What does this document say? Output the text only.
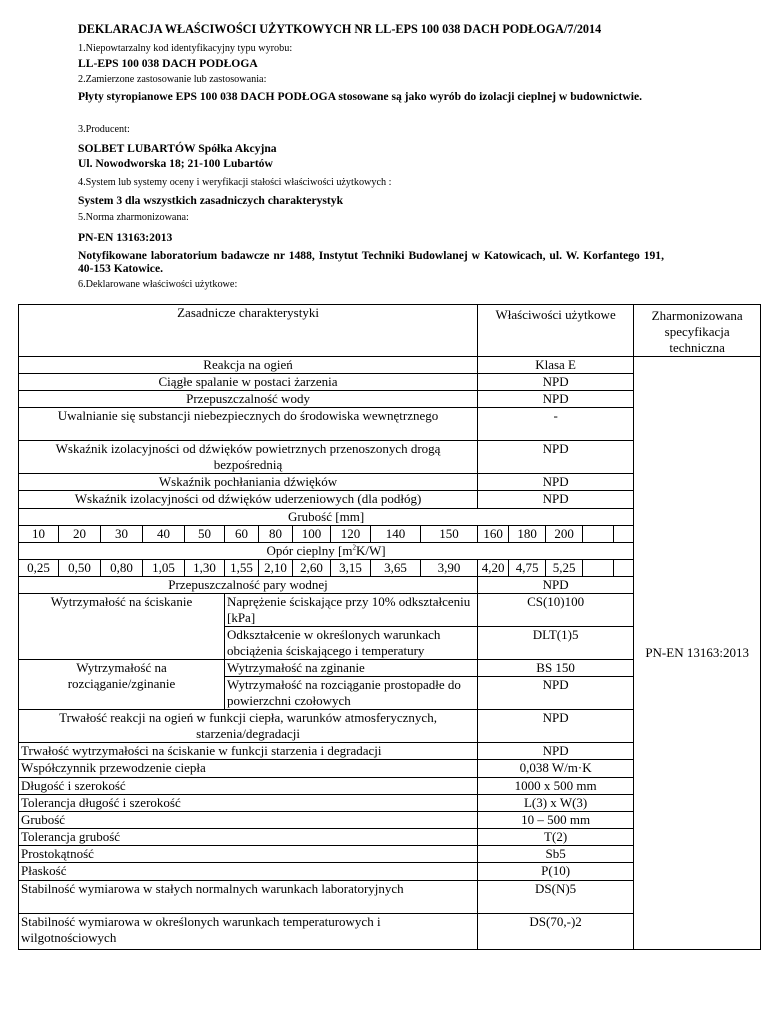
DEKLARACJA WŁAŚCIWOŚCI UŻYTKOWYCH NR LL-EPS 100 038 DACH PODŁOGA/7/2014
1.Niepowtarzalny kod identyfikacyjny typu wyrobu:
LL-EPS 100 038 DACH PODŁOGA
2.Zamierzone zastosowanie lub zastosowania:
Płyty styropianowe EPS 100 038 DACH PODŁOGA stosowane są jako wyrób do izolacji cieplnej w budownictwie.
3.Producent:
SOLBET LUBARTÓW Spółka Akcyjna
Ul. Nowodworska 18; 21-100 Lubartów
4.System lub systemy oceny i weryfikacji stałości właściwości użytkowych :
System 3 dla wszystkich zasadniczych charakterystyk
5.Norma zharmonizowana:
PN-EN 13163:2013
Notyfikowane laboratorium badawcze nr 1488, Instytut Techniki Budowlanej w Katowicach, ul. W. Korfantego 191, 40-153 Katowice.
6.Deklarowane właściwości użytkowe:
Zasadnicze charakterystyki											Właściwości użytkowe					Zharmonizowana specyfikacja techniczna

Reakcja na ogień											Klasa E					PN-EN 13163:2013
Ciągłe spalanie w postaci żarzenia											NPD					
Przepuszczalność wody											NPD					
Uwalnianie się substancji niebezpiecznych do środowiska wewnętrznego											-					
Wskaźnik izolacyjności od dźwięków powietrznych przenoszonych drogą bezpośrednią											NPD					
Wskaźnik pochłaniania dźwięków											NPD					
Wskaźnik izolacyjności od dźwięków uderzeniowych (dla podłóg)											NPD					
Grubość [mm]																
10	20	30	40	50	60	80	100	120	140	150	160	180	200			
Opór cieplny $[m^2K/W]$																
0,25	0,50	0,80	1,05	1,30	1,55	2,10	2,60	3,15	3,65	3,90	4,20	4,75	5,25			
Przepuszczalność pary wodnej											NPD					
Wytrzymałość na ściskanie					Naprężenie ściskające przy 10% odkształceniu [kPa]						CS(10)100					
					Odkształcenie w określonych warunkach obciążenia ściskającego i temperatury						DLT(1)5					
Wytrzymałość na rozciąganie/zginanie					Wytrzymałość na zginanie						BS 150					
					Wytrzymałość na rozciąganie prostopadłe do powierzchni czołowych						NPD					
Trwałość reakcji na ogień w funkcji ciepła, warunków atmosferycznych, starzenia/degradacji											NPD					
Trwałość wytrzymałości na ściskanie w funkcji starzenia i degradacji											NPD					
Współczynnik przewodzenie ciepła											0,038 W/m·K					
Długość i szerokość											1000 x 500 mm					
Tolerancja długość i szerokość											L(3) x W(3)					
Grubość											10 – 500 mm					
Tolerancja grubość											T(2)					
Prostokątność											Sb5					
Płaskość											P(10)					
Stabilność wymiarowa w stałych normalnych warunkach laboratoryjnych											DS(N)5					
Stabilność wymiarowa w określonych warunkach temperaturowych i wilgotnościowych											DS(70,-)2					
